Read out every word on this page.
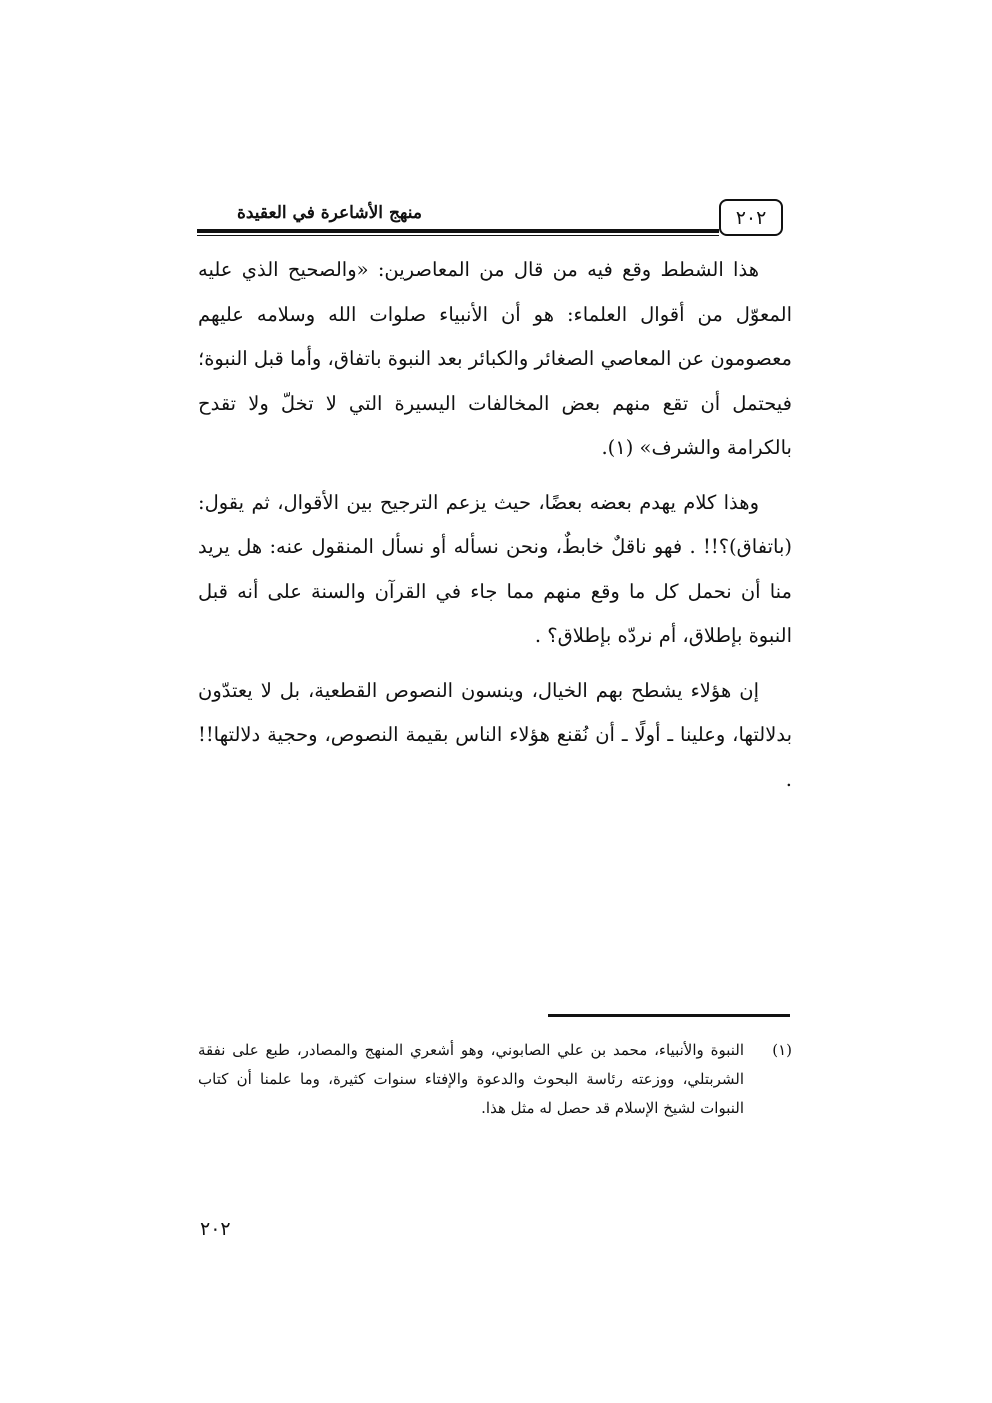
منهج الأشاعرة في العقيدة	٢٠٢

هذا الشطط وقع فيه من قال من المعاصرين: «والصحيح الذي عليه المعوّل من أقوال العلماء: هو أن الأنبياء صلوات الله وسلامه عليهم معصومون عن المعاصي الصغائر والكبائر بعد النبوة باتفاق، وأما قبل النبوة؛ فيحتمل أن تقع منهم بعض المخالفات اليسيرة التي لا تخلّ ولا تقدح بالكرامة والشرف» (١).

وهذا كلام يهدم بعضه بعضًا، حيث يزعم الترجيح بين الأقوال، ثم يقول: (باتفاق)؟!! . فهو ناقلٌ خابطٌ، ونحن نسأله أو نسأل المنقول عنه: هل يريد منا أن نحمل كل ما وقع منهم مما جاء في القرآن والسنة على أنه قبل النبوة بإطلاق، أم نردّه بإطلاق؟ .

إن هؤلاء يشطح بهم الخيال، وينسون النصوص القطعية، بل لا يعتدّون بدلالتها، وعلينا ـ أولًا ـ أن نُقنع هؤلاء الناس بقيمة النصوص، وحجية دلالتها!! .

(١)
النبوة والأنبياء، محمد بن علي الصابوني، وهو أشعري المنهج والمصادر، طبع على نفقة الشربتلي، ووزعته رئاسة البحوث والدعوة والإفتاء سنوات كثيرة، وما علمنا أن كتاب النبوات لشيخ الإسلام قد حصل له مثل هذا.
٢٠٢
